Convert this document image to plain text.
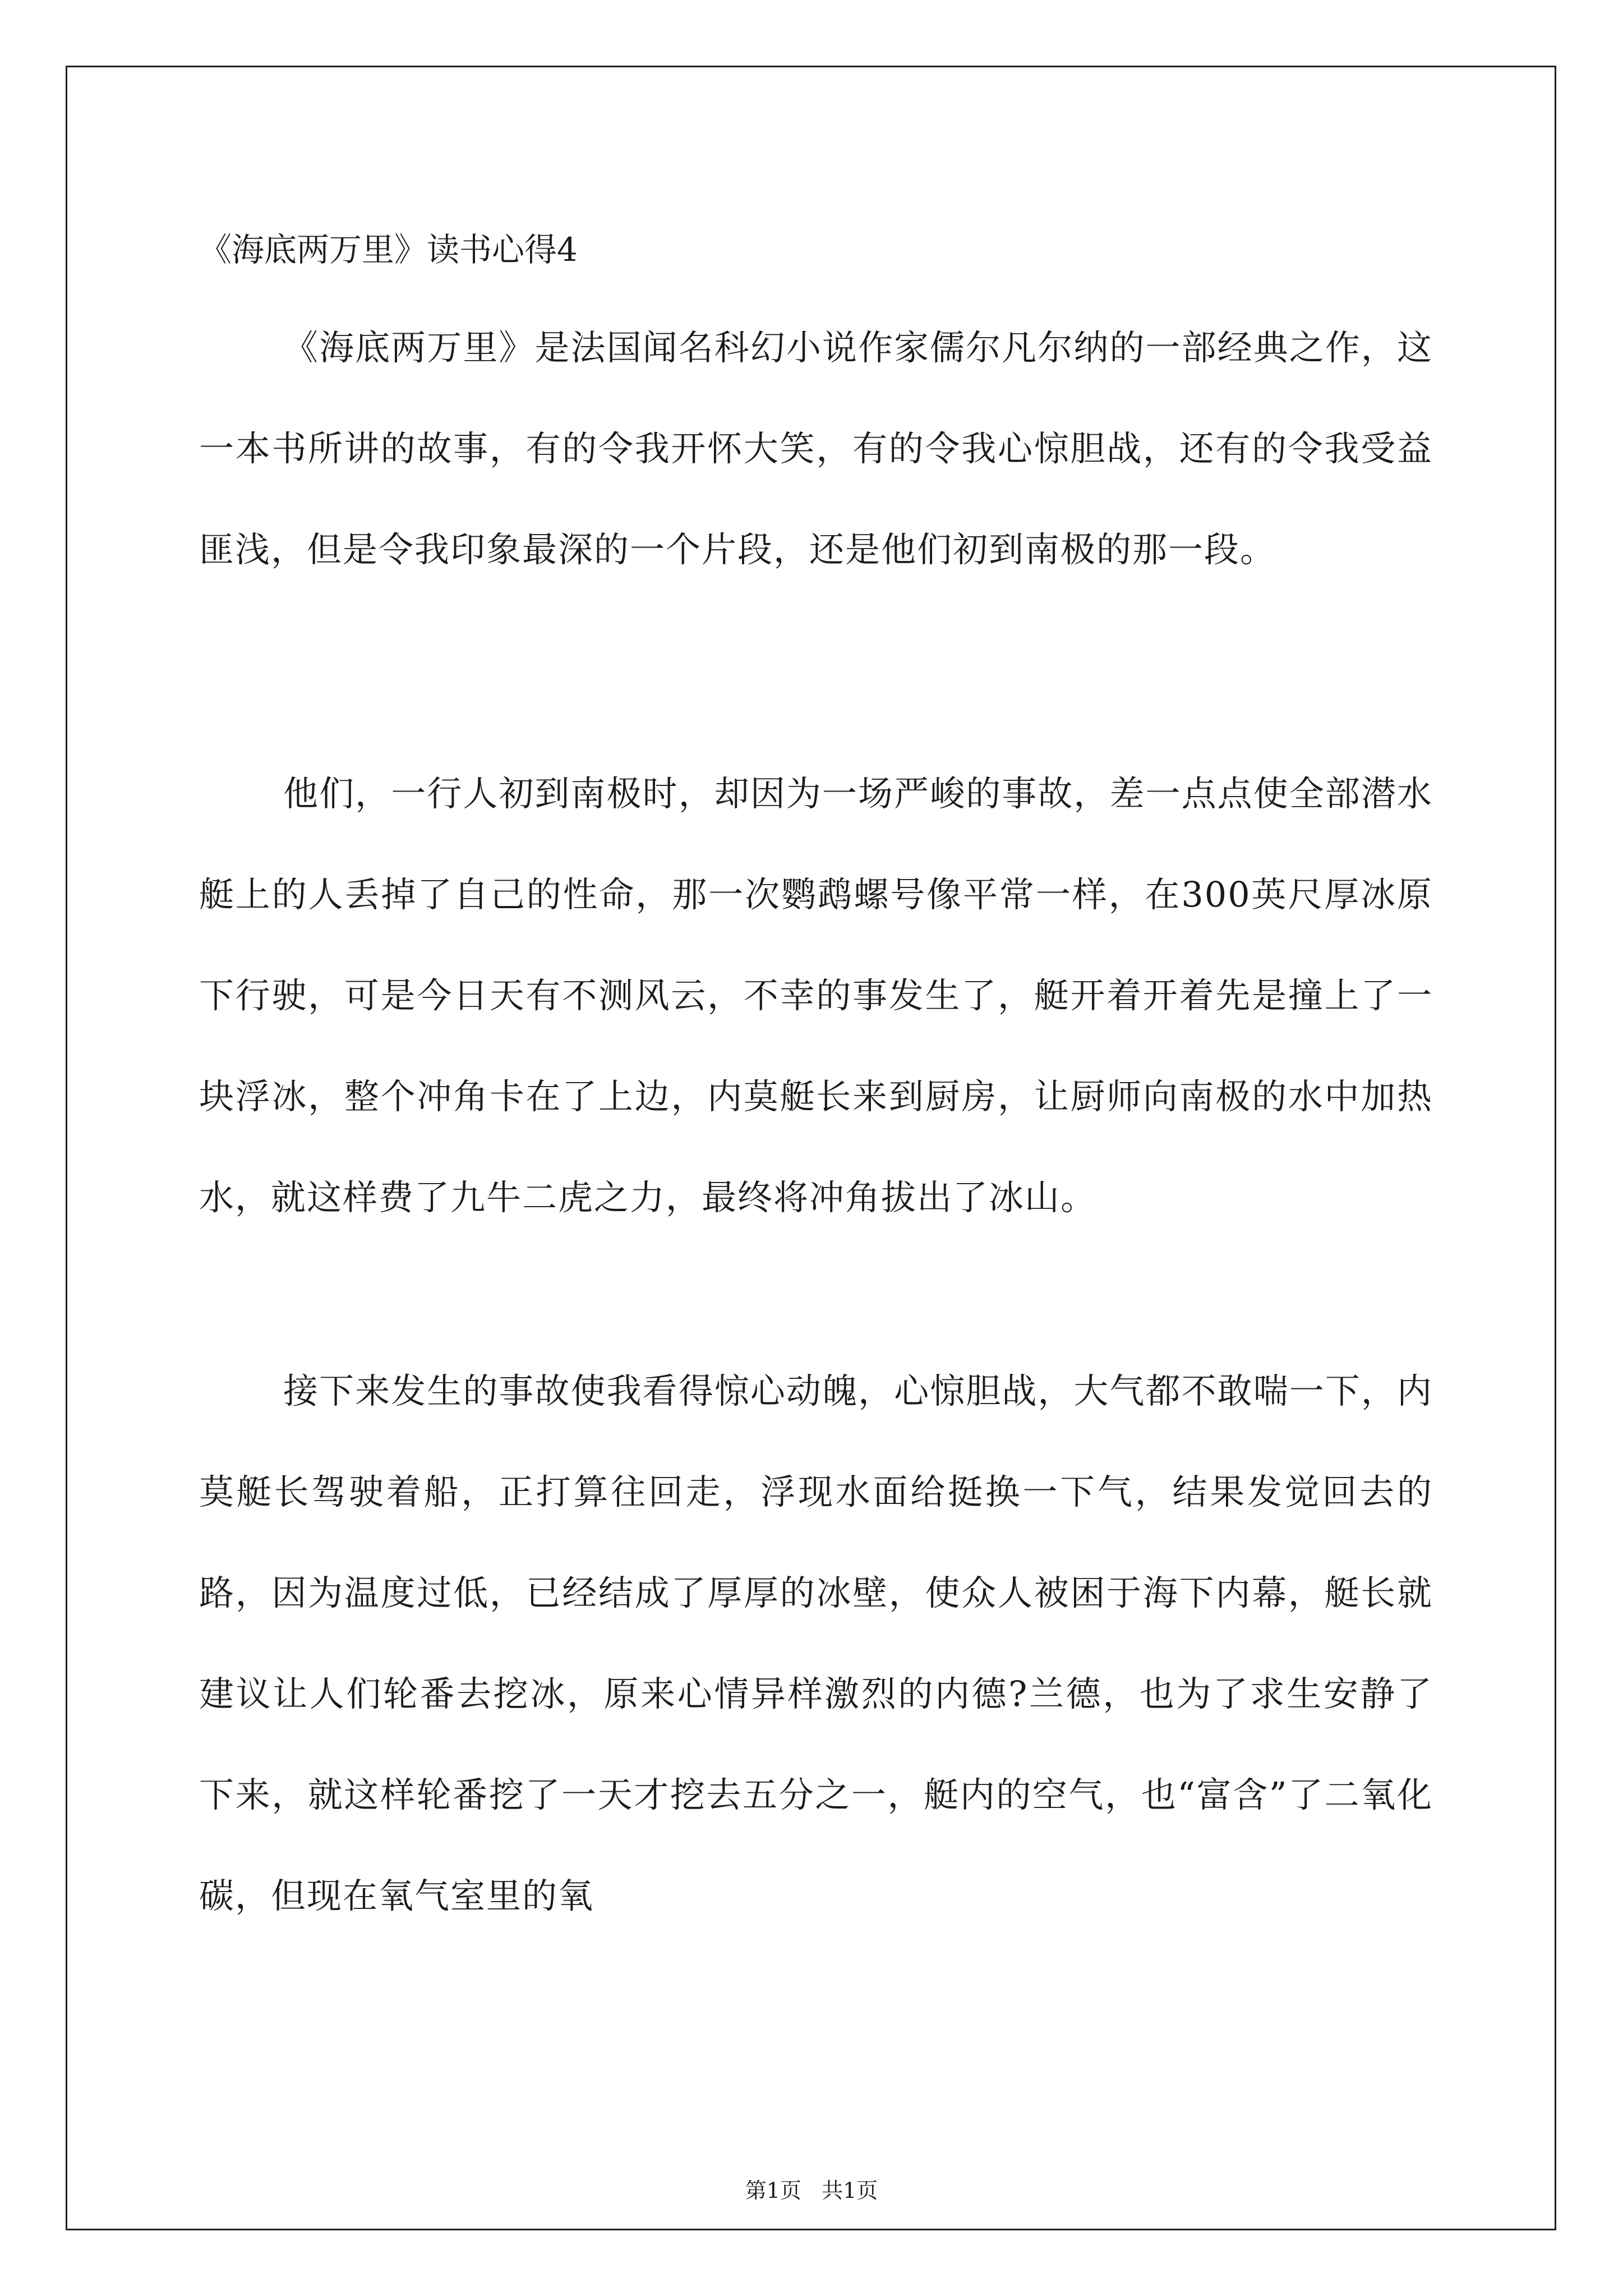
《海底两万里》读书心得4

《海底两万里》是法国闻名科幻小说作家儒尔凡尔纳的一部经典之作，这一本书所讲的故事，有的令我开怀大笑，有的令我心惊胆战，还有的令我受益匪浅，但是令我印象最深的一个片段，还是他们初到南极的那一段。

他们，一行人初到南极时，却因为一场严峻的事故，差一点点使全部潜水艇上的人丢掉了自己的性命，那一次鹦鹉螺号像平常一样，在300英尺厚冰原下行驶，可是今日天有不测风云，不幸的事发生了，艇开着开着先是撞上了一块浮冰，整个冲角卡在了上边，内莫艇长来到厨房，让厨师向南极的水中加热水，就这样费了九牛二虎之力，最终将冲角拔出了冰山。

接下来发生的事故使我看得惊心动魄，心惊胆战，大气都不敢喘一下，内莫艇长驾驶着船，正打算往回走，浮现水面给挺换一下气，结果发觉回去的路，因为温度过低，已经结成了厚厚的冰壁，使众人被困于海下内幕，艇长就建议让人们轮番去挖冰，原来心情异样激烈的内德?兰德，也为了求生安静了下来，就这样轮番挖了一天才挖去五分之一，艇内的空气，也“富含”了二氧化碳，但现在氧气室里的氧

第1页   共1页
